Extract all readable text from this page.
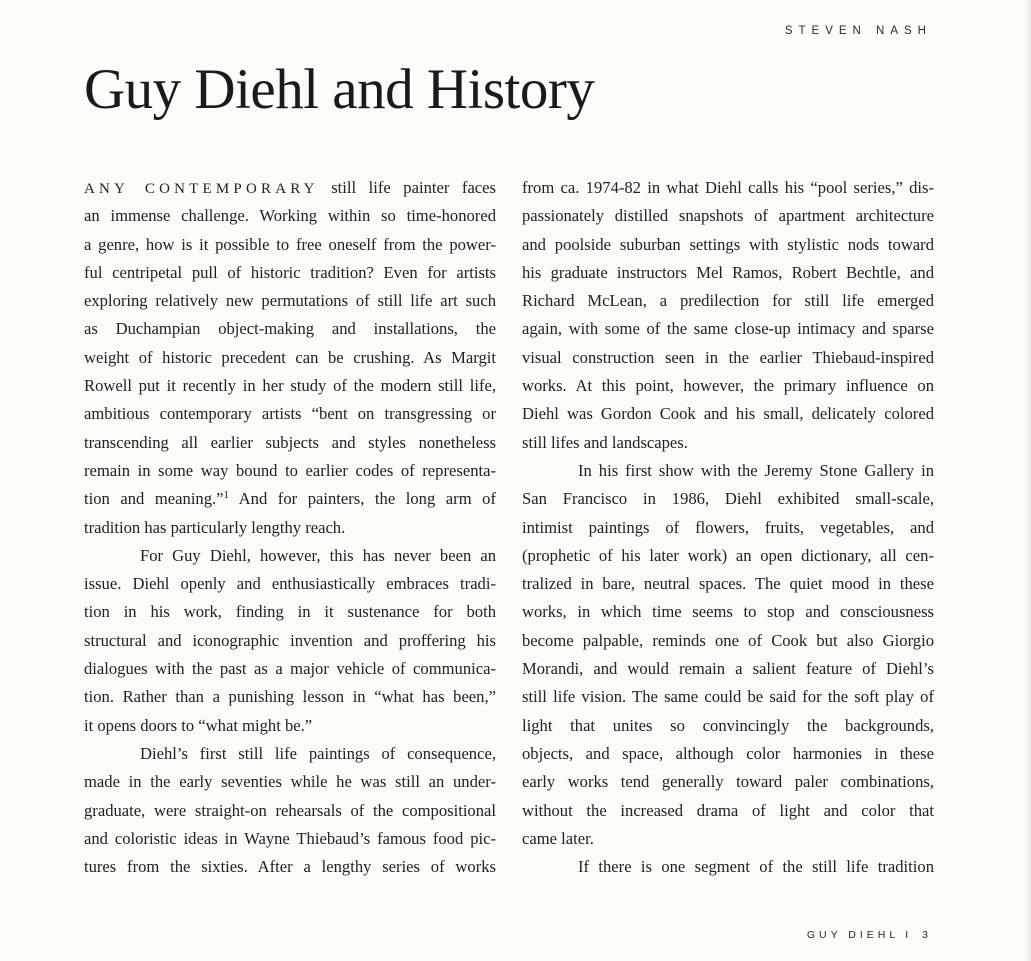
STEVEN NASH
Guy Diehl and History
ANY CONTEMPORARY still life painter faces
an immense challenge. Working within so time-honored
a genre, how is it possible to free oneself from the power-
ful centripetal pull of historic tradition? Even for artists
exploring relatively new permutations of still life art such
as Duchampian object-making and installations, the
weight of historic precedent can be crushing. As Margit
Rowell put it recently in her study of the modern still life,
ambitious contemporary artists “bent on transgressing or
transcending all earlier subjects and styles nonetheless
remain in some way bound to earlier codes of representa-
tion and meaning.”$^1$ And for painters, the long arm of
tradition has particularly lengthy reach.
For Guy Diehl, however, this has never been an
issue. Diehl openly and enthusiastically embraces tradi-
tion in his work, finding in it sustenance for both
structural and iconographic invention and proffering his
dialogues with the past as a major vehicle of communica-
tion. Rather than a punishing lesson in “what has been,”
it opens doors to “what might be.”
Diehl’s first still life paintings of consequence,
made in the early seventies while he was still an under-
graduate, were straight-on rehearsals of the compositional
and coloristic ideas in Wayne Thiebaud’s famous food pic-
tures from the sixties. After a lengthy series of works
from ca. 1974-82 in what Diehl calls his “pool series,” dis-
passionately distilled snapshots of apartment architecture
and poolside suburban settings with stylistic nods toward
his graduate instructors Mel Ramos, Robert Bechtle, and
Richard McLean, a predilection for still life emerged
again, with some of the same close-up intimacy and sparse
visual construction seen in the earlier Thiebaud-inspired
works. At this point, however, the primary influence on
Diehl was Gordon Cook and his small, delicately colored
still lifes and landscapes.
In his first show with the Jeremy Stone Gallery in
San Francisco in 1986, Diehl exhibited small-scale,
intimist paintings of flowers, fruits, vegetables, and
(prophetic of his later work) an open dictionary, all cen-
tralized in bare, neutral spaces. The quiet mood in these
works, in which time seems to stop and consciousness
become palpable, reminds one of Cook but also Giorgio
Morandi, and would remain a salient feature of Diehl’s
still life vision. The same could be said for the soft play of
light that unites so convincingly the backgrounds,
objects, and space, although color harmonies in these
early works tend generally toward paler combinations,
without the increased drama of light and color that
came later.
If there is one segment of the still life tradition
GUY DIEHL I 3
